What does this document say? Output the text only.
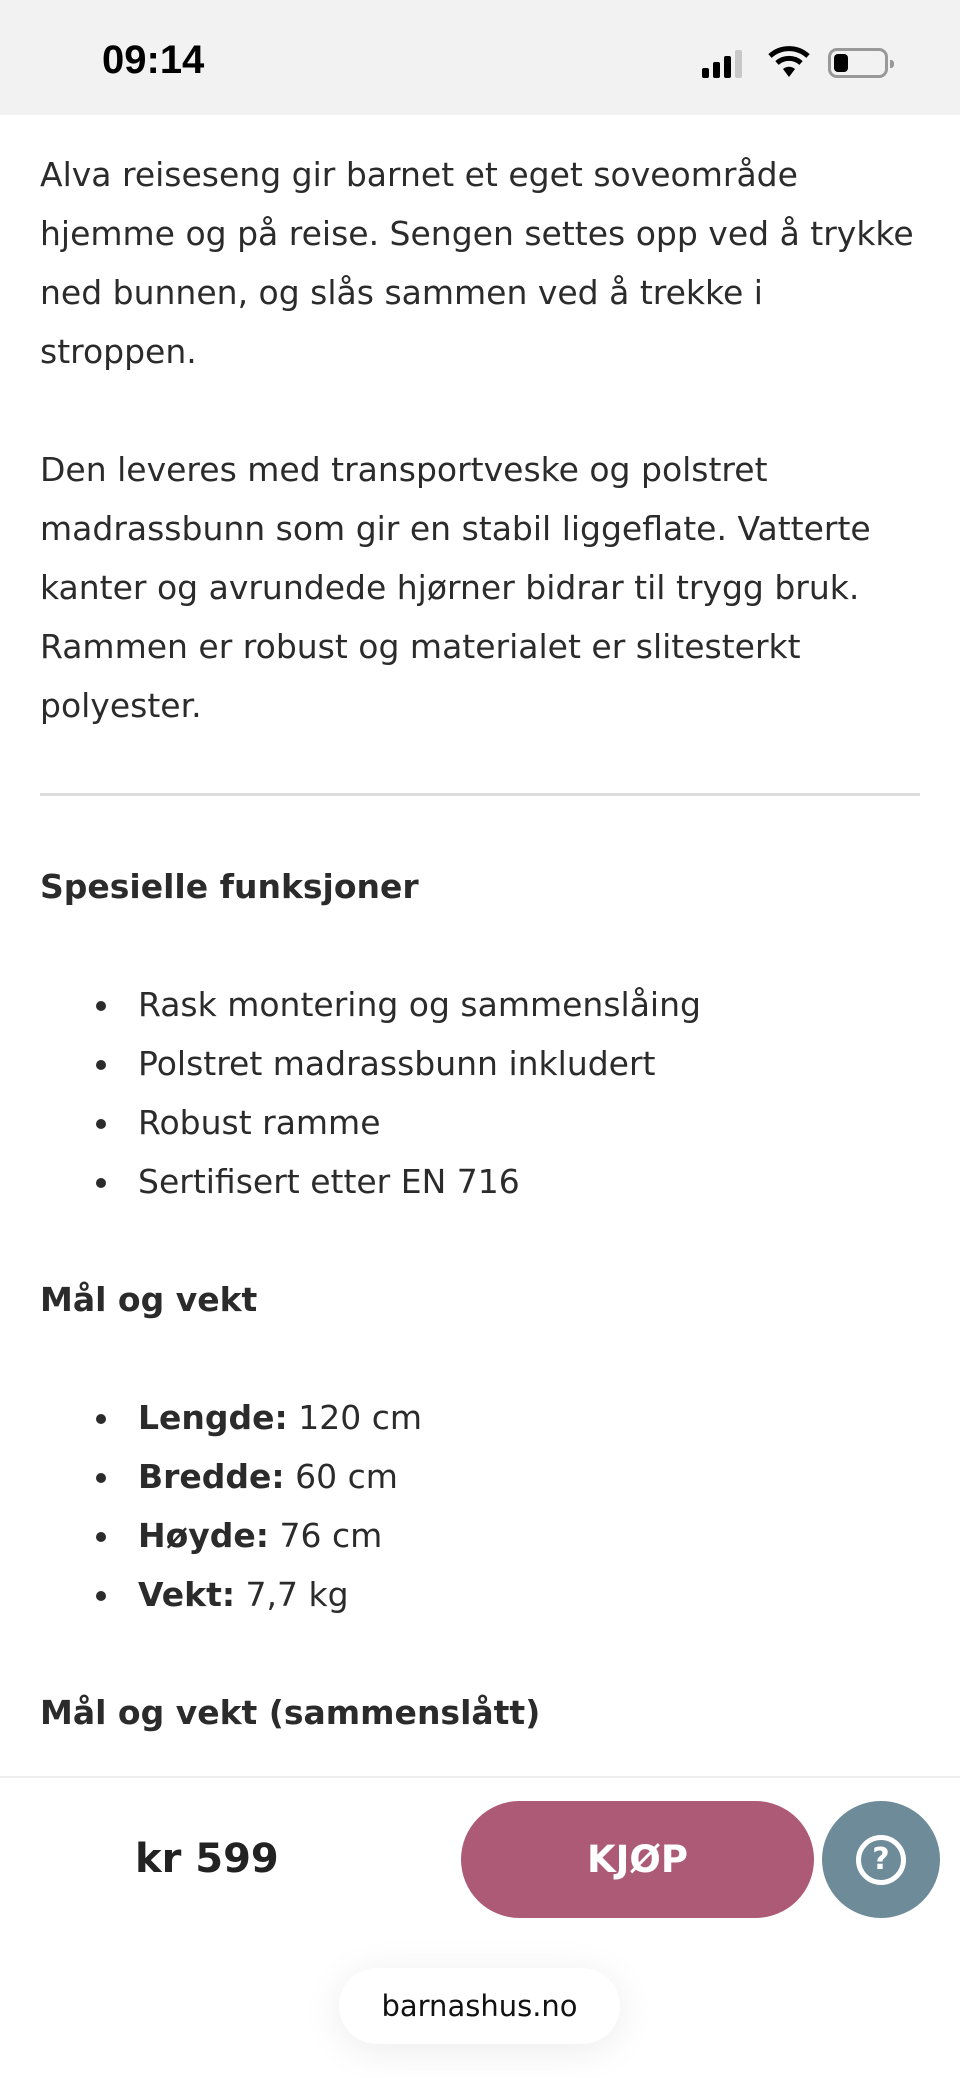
09:14

Alva reiseseng gir barnet et eget soveområde hjemme og på reise. Sengen settes opp ved å trykke ned bunnen, og slås sammen ved å trekke i stroppen.

Den leveres med transportveske og polstret madrassbunn som gir en stabil liggeflate. Vatterte kanter og avrundede hjørner bidrar til trygg bruk. Rammen er robust og materialet er slitesterkt polyester.

Spesielle funksjoner
Rask montering og sammenslåing
Polstret madrassbunn inkludert
Robust ramme
Sertifisert etter EN 716
Mål og vekt
Lengde: 120 cm
Bredde: 60 cm
Høyde: 76 cm
Vekt: 7,7 kg
Mål og vekt (sammenslått)
kr 599	KJØP	?
barnashus.no
